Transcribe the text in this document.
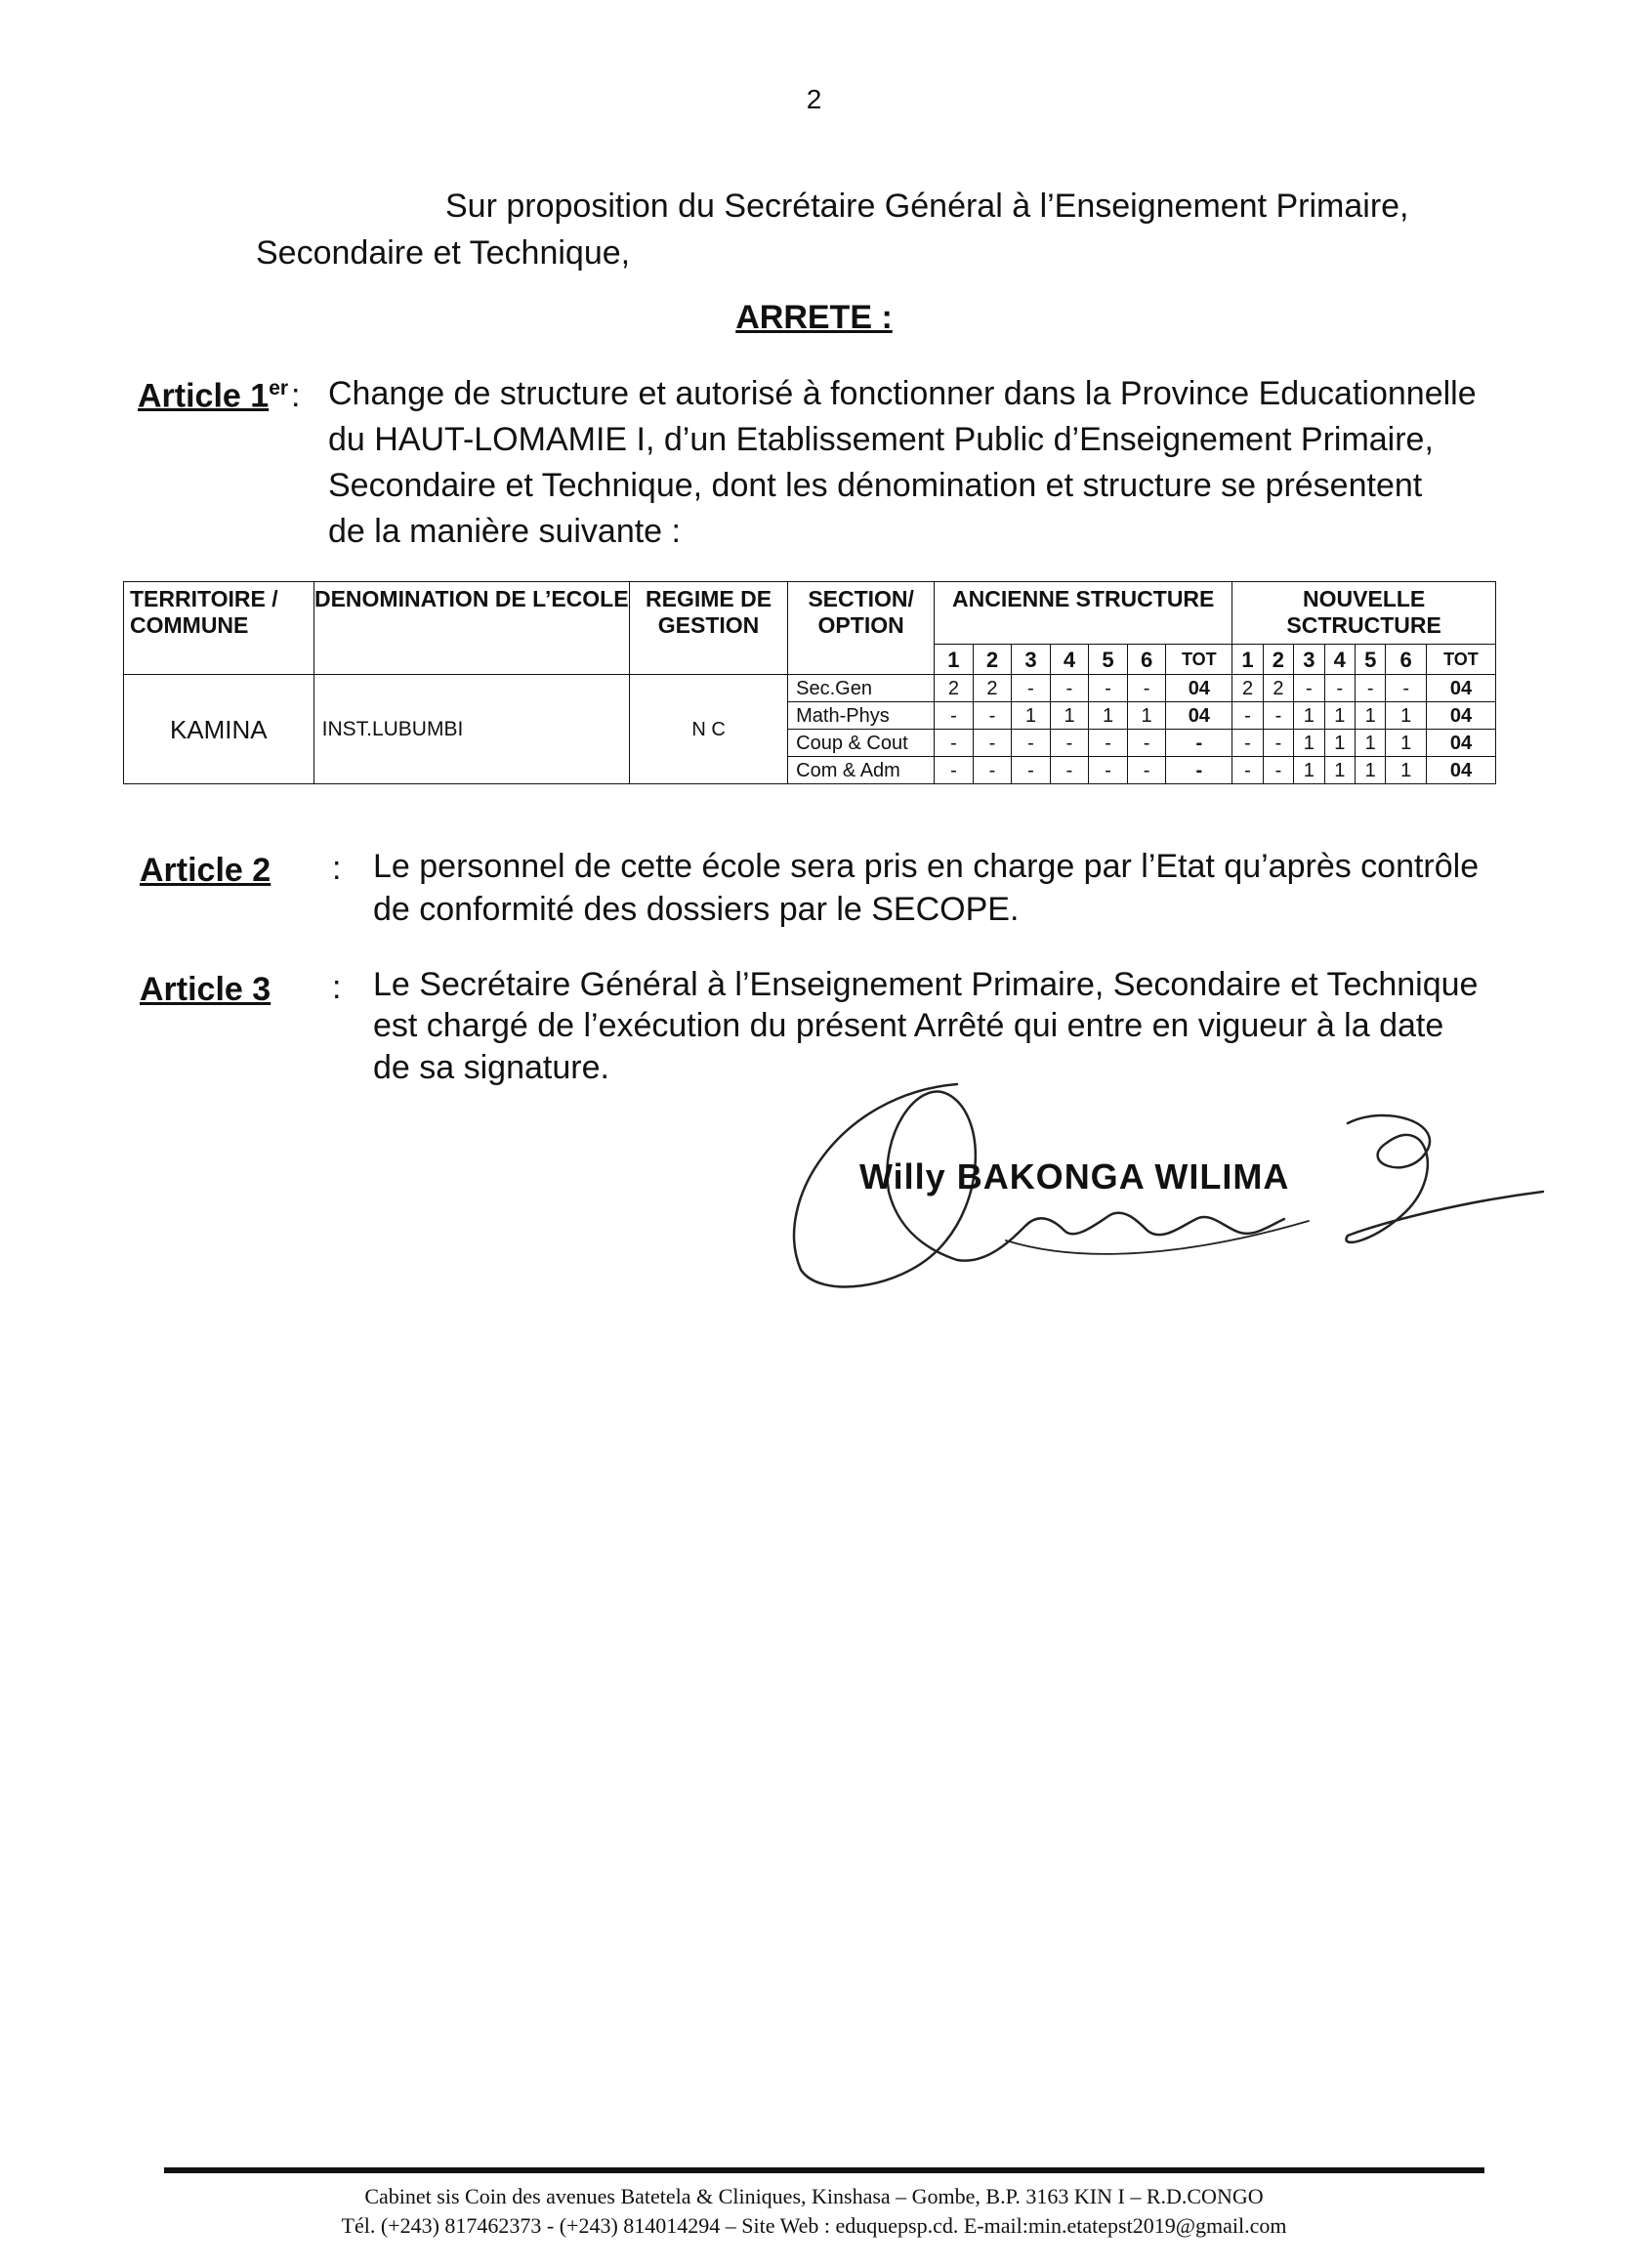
2
Sur proposition du Secrétaire Général à l’Enseignement Primaire,
Secondaire et Technique,
ARRETE :
Article 1er : Change de structure et autorisé à fonctionner dans la Province Educationnelle
du HAUT-LOMAMIE I, d’un Etablissement Public d’Enseignement Primaire,
Secondaire et Technique, dont les dénomination et structure se présentent
de la manière suivante :
TERRITOIRE / COMMUNE	DENOMINATION DE L’ECOLE	REGIME DE GESTION	SECTION/ OPTION	ANCIENNE STRUCTURE							NOUVELLE SCTRUCTURE						
				1	2	3	4	5	6	TOT	1	2	3	4	5	6	TOT
KAMINA	INST.LUBUMBI	N C	Sec.Gen	2	2	-	-	-	-	04	2	2	-	-	-	-	04
			Math-Phys	-	-	1	1	1	1	04	-	-	1	1	1	1	04
			Coup & Cout	-	-	-	-	-	-	-	-	-	1	1	1	1	04
			Com & Adm	-	-	-	-	-	-	-	-	-	1	1	1	1	04
Article 2 : Le personnel de cette école sera pris en charge par l’Etat qu’après contrôle
de conformité des dossiers par le SECOPE.
Article 3 : Le Secrétaire Général à l’Enseignement Primaire, Secondaire et Technique
est chargé de l’exécution du présent Arrêté qui entre en vigueur à la date
de sa signature.
Willy BAKONGA WILIMA
Cabinet sis Coin des avenues Batetela & Cliniques, Kinshasa – Gombe, B.P. 3163 KIN I – R.D.CONGO
Tél. (+243) 817462373 - (+243) 814014294 – Site Web : eduquepsp.cd. E-mail:min.etatepst2019@gmail.com
